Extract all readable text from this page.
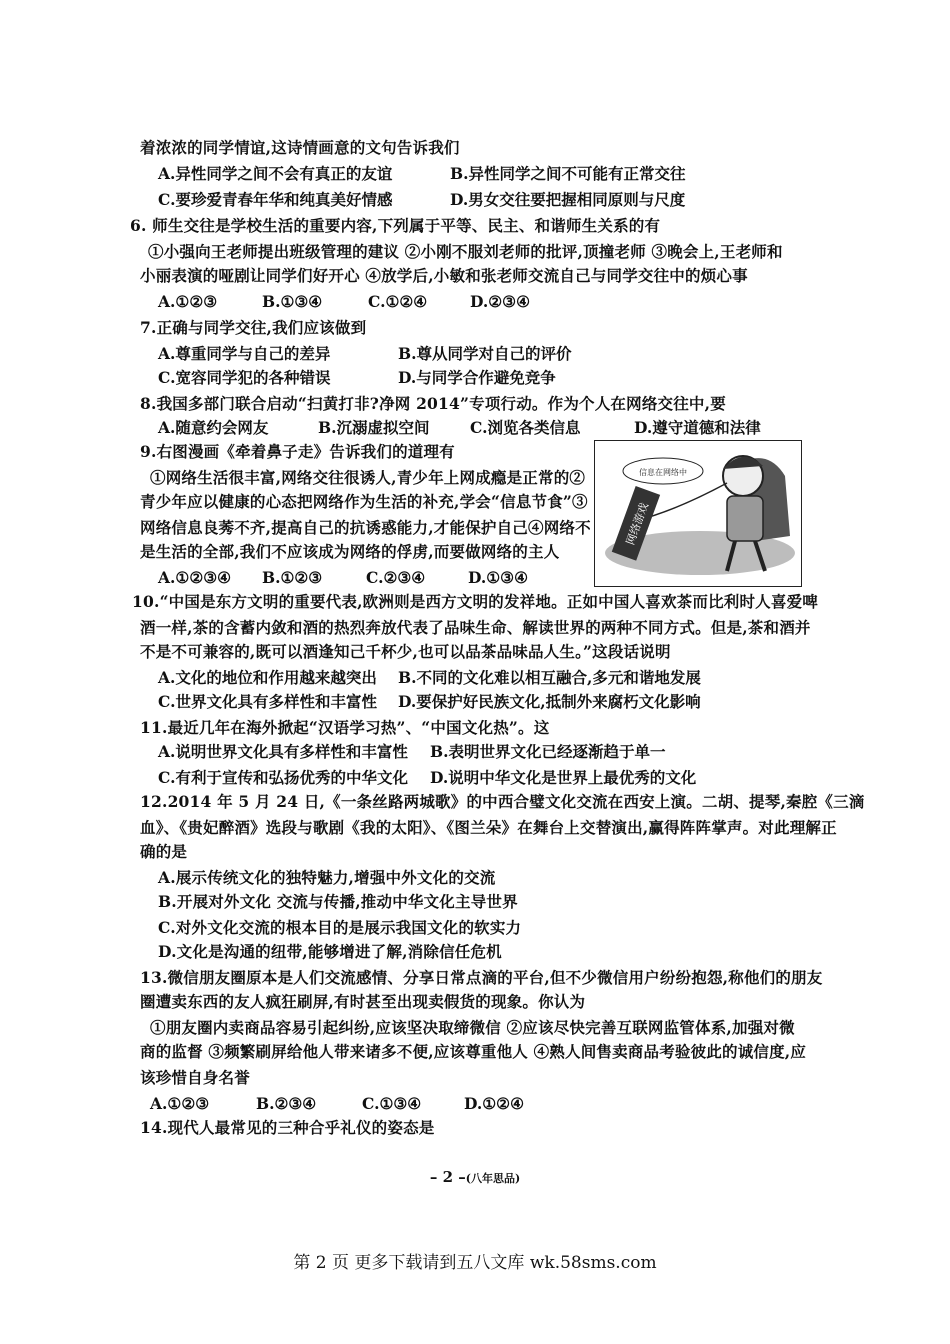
着浓浓的同学情谊,这诗情画意的文句告诉我们
A.异性同学之间不会有真正的友谊	B.异性同学之间不可能有正常交往
C.要珍爱青春年华和纯真美好情感	D.男女交往要把握相同原则与尺度
6. 师生交往是学校生活的重要内容,下列属于平等、民主、和谐师生关系的有
①小强向王老师提出班级管理的建议 ②小刚不服刘老师的批评,顶撞老师 ③晚会上,王老师和
小丽表演的哑剧让同学们好开心 ④放学后,小敏和张老师交流自己与同学交往中的烦心事
A.①②③	B.①③④	C.①②④	D.②③④
7.正确与同学交往,我们应该做到
A.尊重同学与自己的差异	B.尊从同学对自己的评价
C.宽容同学犯的各种错误	D.与同学合作避免竞争
8.我国多部门联合启动“扫黄打非?净网 2014”专项行动。作为个人在网络交往中,要
A.随意约会网友	B.沉溺虚拟空间	C.浏览各类信息	D.遵守道德和法律
9.右图漫画《牵着鼻子走》告诉我们的道理有
①网络生活很丰富,网络交往很诱人,青少年上网成瘾是正常的②
青少年应以健康的心态把网络作为生活的补充,学会“信息节食”③
网络信息良莠不齐,提高自己的抗诱惑能力,才能保护自己④网络不
是生活的全部,我们不应该成为网络的俘虏,而要做网络的主人
A.①②③④ B.①②③	C.②③④	D.①③④
网络游戏
信息在网络中
10.“中国是东方文明的重要代表,欧洲则是西方文明的发祥地。正如中国人喜欢茶而比利时人喜爱啤
酒一样,茶的含蓄内敛和酒的热烈奔放代表了品味生命、解读世界的两种不同方式。但是,茶和酒并
不是不可兼容的,既可以酒逢知己千杯少,也可以品茶品味品人生。”这段话说明
A.文化的地位和作用越来越突出 B.不同的文化难以相互融合,多元和谐地发展
C.世界文化具有多样性和丰富性 D.要保护好民族文化,抵制外来腐朽文化影响
11.最近几年在海外掀起“汉语学习热”、“中国文化热”。这
A.说明世界文化具有多样性和丰富性 B.表明世界文化已经逐渐趋于单一
C.有利于宣传和弘扬优秀的中华文化 D.说明中华文化是世界上最优秀的文化
12.2014 年 5 月 24 日,《一条丝路两城歌》的中西合璧文化交流在西安上演。二胡、提琴,秦腔《三滴
血》、《贵妃醉酒》选段与歌剧《我的太阳》、《图兰朵》在舞台上交替演出,赢得阵阵掌声。对此理解正
确的是
A.展示传统文化的独特魅力,增强中外文化的交流
B.开展对外文化 交流与传播,推动中华文化主导世界
C.对外文化交流的根本目的是展示我国文化的软实力
D.文化是沟通的纽带,能够增进了解,消除信任危机
13.微信朋友圈原本是人们交流感情、分享日常点滴的平台,但不少微信用户纷纷抱怨,称他们的朋友
圈遭卖东西的友人疯狂刷屏,有时甚至出现卖假货的现象。你认为
①朋友圈内卖商品容易引起纠纷,应该坚决取缔微信 ②应该尽快完善互联网监管体系,加强对微
商的监督 ③频繁刷屏给他人带来诸多不便,应该尊重他人 ④熟人间售卖商品考验彼此的诚信度,应
该珍惜自身名誉
A.①②③	B.②③④	C.①③④	D.①②④
14.现代人最常见的三种合乎礼仪的姿态是
– 2 –(八年思品)
第 2 页 更多下载请到五八文库 wk.58sms.com
